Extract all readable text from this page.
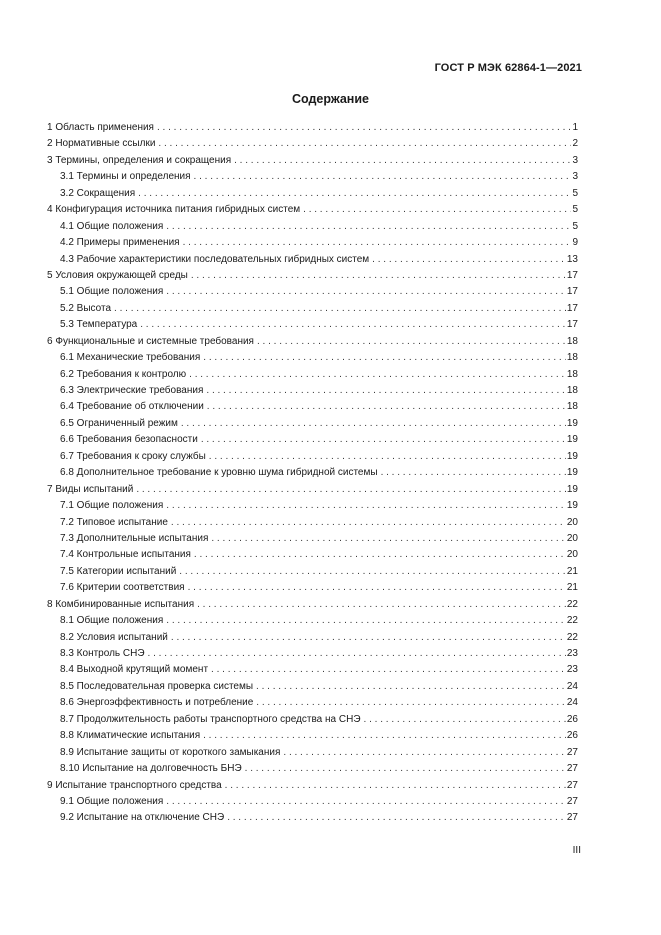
ГОСТ Р МЭК 62864-1—2021
Содержание
1 Область применения . . .	1
2 Нормативные ссылки . . .	2
3 Термины, определения и сокращения . . .	3
3.1 Термины и определения . . .	3
3.2 Сокращения . . .	5
4 Конфигурация источника питания гибридных систем . . .	5
4.1 Общие положения . . .	5
4.2 Примеры применения . . .	9
4.3 Рабочие характеристики последовательных гибридных систем . . .	13
5 Условия окружающей среды . . .	17
5.1 Общие положения . . .	17
5.2 Высота . . .	17
5.3 Температура . . .	17
6 Функциональные и системные требования . . .	18
6.1 Механические требования . . .	18
6.2 Требования к контролю . . .	18
6.3 Электрические требования . . .	18
6.4 Требование об отключении . . .	18
6.5 Ограниченный режим . . .	19
6.6 Требования безопасности . . .	19
6.7 Требования к сроку службы . . .	19
6.8 Дополнительное требование к уровню шума гибридной системы . . .	19
7 Виды испытаний . . .	19
7.1 Общие положения . . .	19
7.2 Типовое испытание . . .	20
7.3 Дополнительные испытания . . .	20
7.4 Контрольные испытания . . .	20
7.5 Категории испытаний . . .	21
7.6 Критерии соответствия . . .	21
8 Комбинированные испытания . . .	22
8.1 Общие положения . . .	22
8.2 Условия испытаний . . .	22
8.3 Контроль СНЭ . . .	23
8.4 Выходной крутящий момент . . .	23
8.5 Последовательная проверка системы . . .	24
8.6 Энергоэффективность и потребление . . .	24
8.7 Продолжительность работы транспортного средства на СНЭ . . .	26
8.8 Климатические испытания . . .	26
8.9 Испытание защиты от короткого замыкания . . .	27
8.10 Испытание на долговечность БНЭ . . .	27
9 Испытание транспортного средства . . .	27
9.1 Общие положения . . .	27
9.2 Испытание на отключение СНЭ . . .	27
III
